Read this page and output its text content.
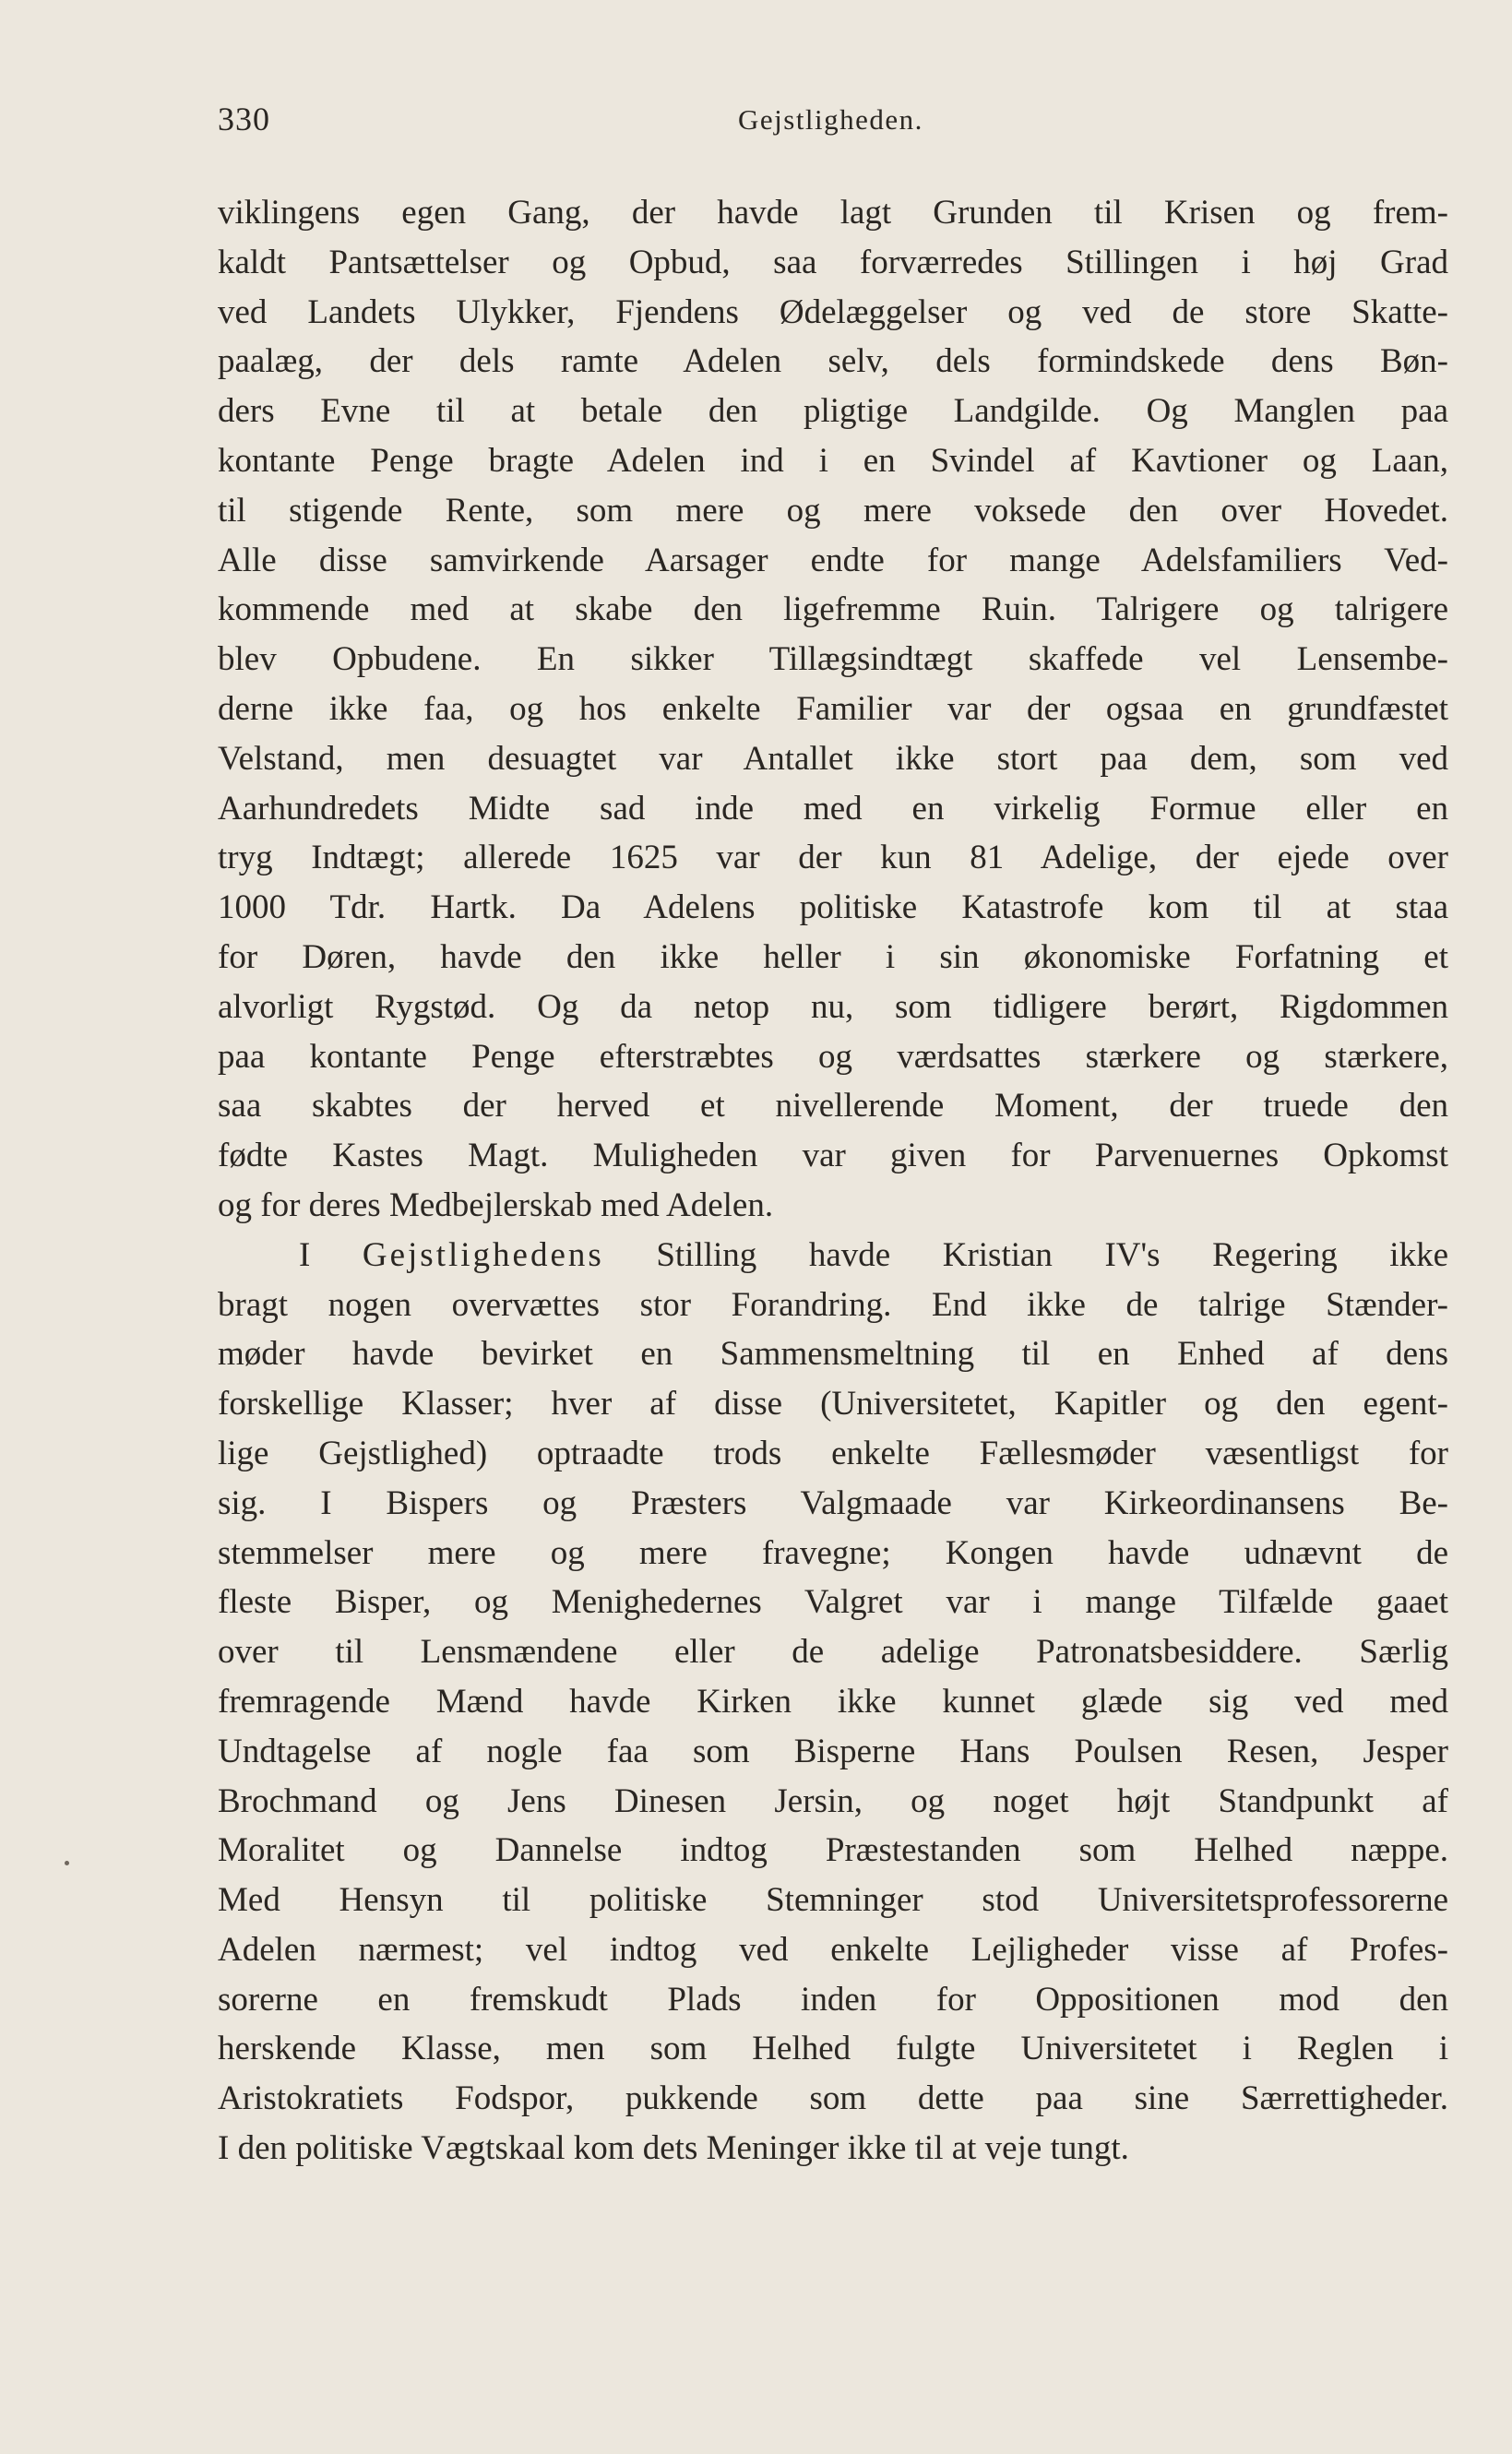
330	Gejstligheden.
viklingens egen Gang, der havde lagt Grunden til Krisen og frem-
kaldt Pantsættelser og Opbud, saa forværredes Stillingen i høj Grad
ved Landets Ulykker, Fjendens Ødelæggelser og ved de store Skatte-
paalæg, der dels ramte Adelen selv, dels formindskede dens Bøn-
ders Evne til at betale den pligtige Landgilde. Og Manglen paa
kontante Penge bragte Adelen ind i en Svindel af Kavtioner og Laan,
til stigende Rente, som mere og mere voksede den over Hovedet.
Alle disse samvirkende Aarsager endte for mange Adelsfamiliers Ved-
kommende med at skabe den ligefremme Ruin. Talrigere og talrigere
blev Opbudene. En sikker Tillægsindtægt skaffede vel Lensembe-
derne ikke faa, og hos enkelte Familier var der ogsaa en grundfæstet
Velstand, men desuagtet var Antallet ikke stort paa dem, som ved
Aarhundredets Midte sad inde med en virkelig Formue eller en
tryg Indtægt; allerede 1625 var der kun 81 Adelige, der ejede over
1000 Tdr. Hartk. Da Adelens politiske Katastrofe kom til at staa
for Døren, havde den ikke heller i sin økonomiske Forfatning et
alvorligt Rygstød. Og da netop nu, som tidligere berørt, Rigdommen
paa kontante Penge efterstræbtes og værdsattes stærkere og stærkere,
saa skabtes der herved et nivellerende Moment, der truede den
fødte Kastes Magt. Muligheden var given for Parvenuernes Opkomst
og for deres Medbejlerskab med Adelen.
I Gejstlighedens Stilling havde Kristian IV's Regering ikke
bragt nogen overvættes stor Forandring. End ikke de talrige Stænder-
møder havde bevirket en Sammensmeltning til en Enhed af dens
forskellige Klasser; hver af disse (Universitetet, Kapitler og den egent-
lige Gejstlighed) optraadte trods enkelte Fællesmøder væsentligst for
sig. I Bispers og Præsters Valgmaade var Kirkeordinansens Be-
stemmelser mere og mere fravegne; Kongen havde udnævnt de
fleste Bisper, og Menighedernes Valgret var i mange Tilfælde gaaet
over til Lensmændene eller de adelige Patronatsbesiddere. Særlig
fremragende Mænd havde Kirken ikke kunnet glæde sig ved med
Undtagelse af nogle faa som Bisperne Hans Poulsen Resen, Jesper
Brochmand og Jens Dinesen Jersin, og noget højt Standpunkt af
Moralitet og Dannelse indtog Præstestanden som Helhed næppe.
Med Hensyn til politiske Stemninger stod Universitetsprofessorerne
Adelen nærmest; vel indtog ved enkelte Lejligheder visse af Profes-
sorerne en fremskudt Plads inden for Oppositionen mod den
herskende Klasse, men som Helhed fulgte Universitetet i Reglen i
Aristokratiets Fodspor, pukkende som dette paa sine Særrettigheder.
I den politiske Vægtskaal kom dets Meninger ikke til at veje tungt.
